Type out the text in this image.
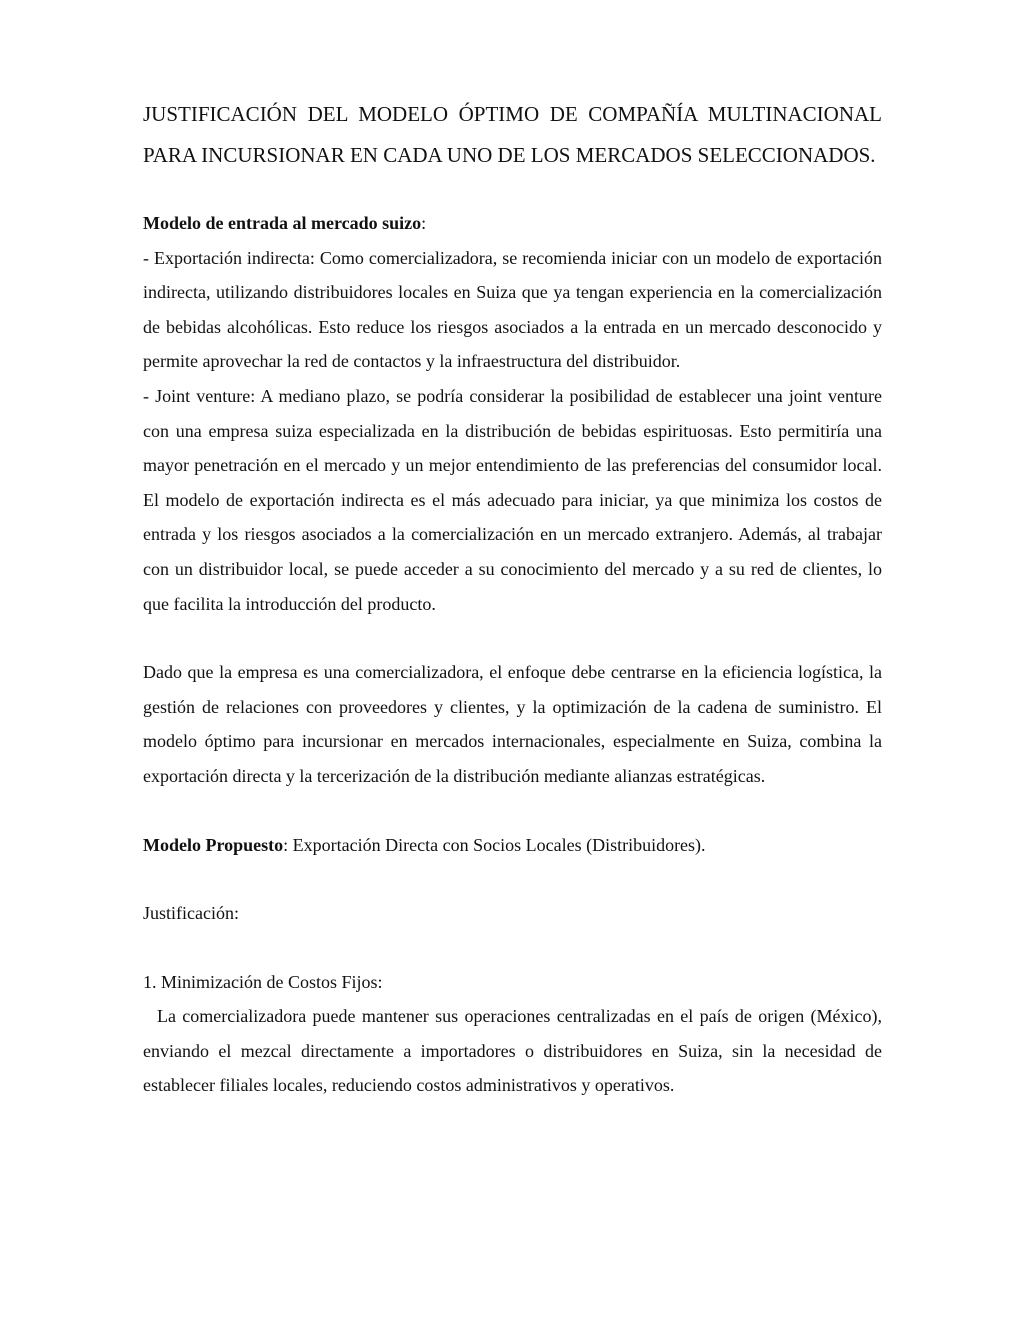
JUSTIFICACIÓN DEL MODELO ÓPTIMO DE COMPAÑÍA MULTINACIONAL PARA INCURSIONAR EN CADA UNO DE LOS MERCADOS SELECCIONADOS.

Modelo de entrada al mercado suizo:

- Exportación indirecta: Como comercializadora, se recomienda iniciar con un modelo de exportación indirecta, utilizando distribuidores locales en Suiza que ya tengan experiencia en la comercialización de bebidas alcohólicas. Esto reduce los riesgos asociados a la entrada en un mercado desconocido y permite aprovechar la red de contactos y la infraestructura del distribuidor.

- Joint venture: A mediano plazo, se podría considerar la posibilidad de establecer una joint venture con una empresa suiza especializada en la distribución de bebidas espirituosas. Esto permitiría una mayor penetración en el mercado y un mejor entendimiento de las preferencias del consumidor local. El modelo de exportación indirecta es el más adecuado para iniciar, ya que minimiza los costos de entrada y los riesgos asociados a la comercialización en un mercado extranjero. Además, al trabajar con un distribuidor local, se puede acceder a su conocimiento del mercado y a su red de clientes, lo que facilita la introducción del producto.

Dado que la empresa es una comercializadora, el enfoque debe centrarse en la eficiencia logística, la gestión de relaciones con proveedores y clientes, y la optimización de la cadena de suministro. El modelo óptimo para incursionar en mercados internacionales, especialmente en Suiza, combina la exportación directa y la tercerización de la distribución mediante alianzas estratégicas.

Modelo Propuesto: Exportación Directa con Socios Locales (Distribuidores).

Justificación:

1. Minimización de Costos Fijos:

La comercializadora puede mantener sus operaciones centralizadas en el país de origen (México), enviando el mezcal directamente a importadores o distribuidores en Suiza, sin la necesidad de establecer filiales locales, reduciendo costos administrativos y operativos.
